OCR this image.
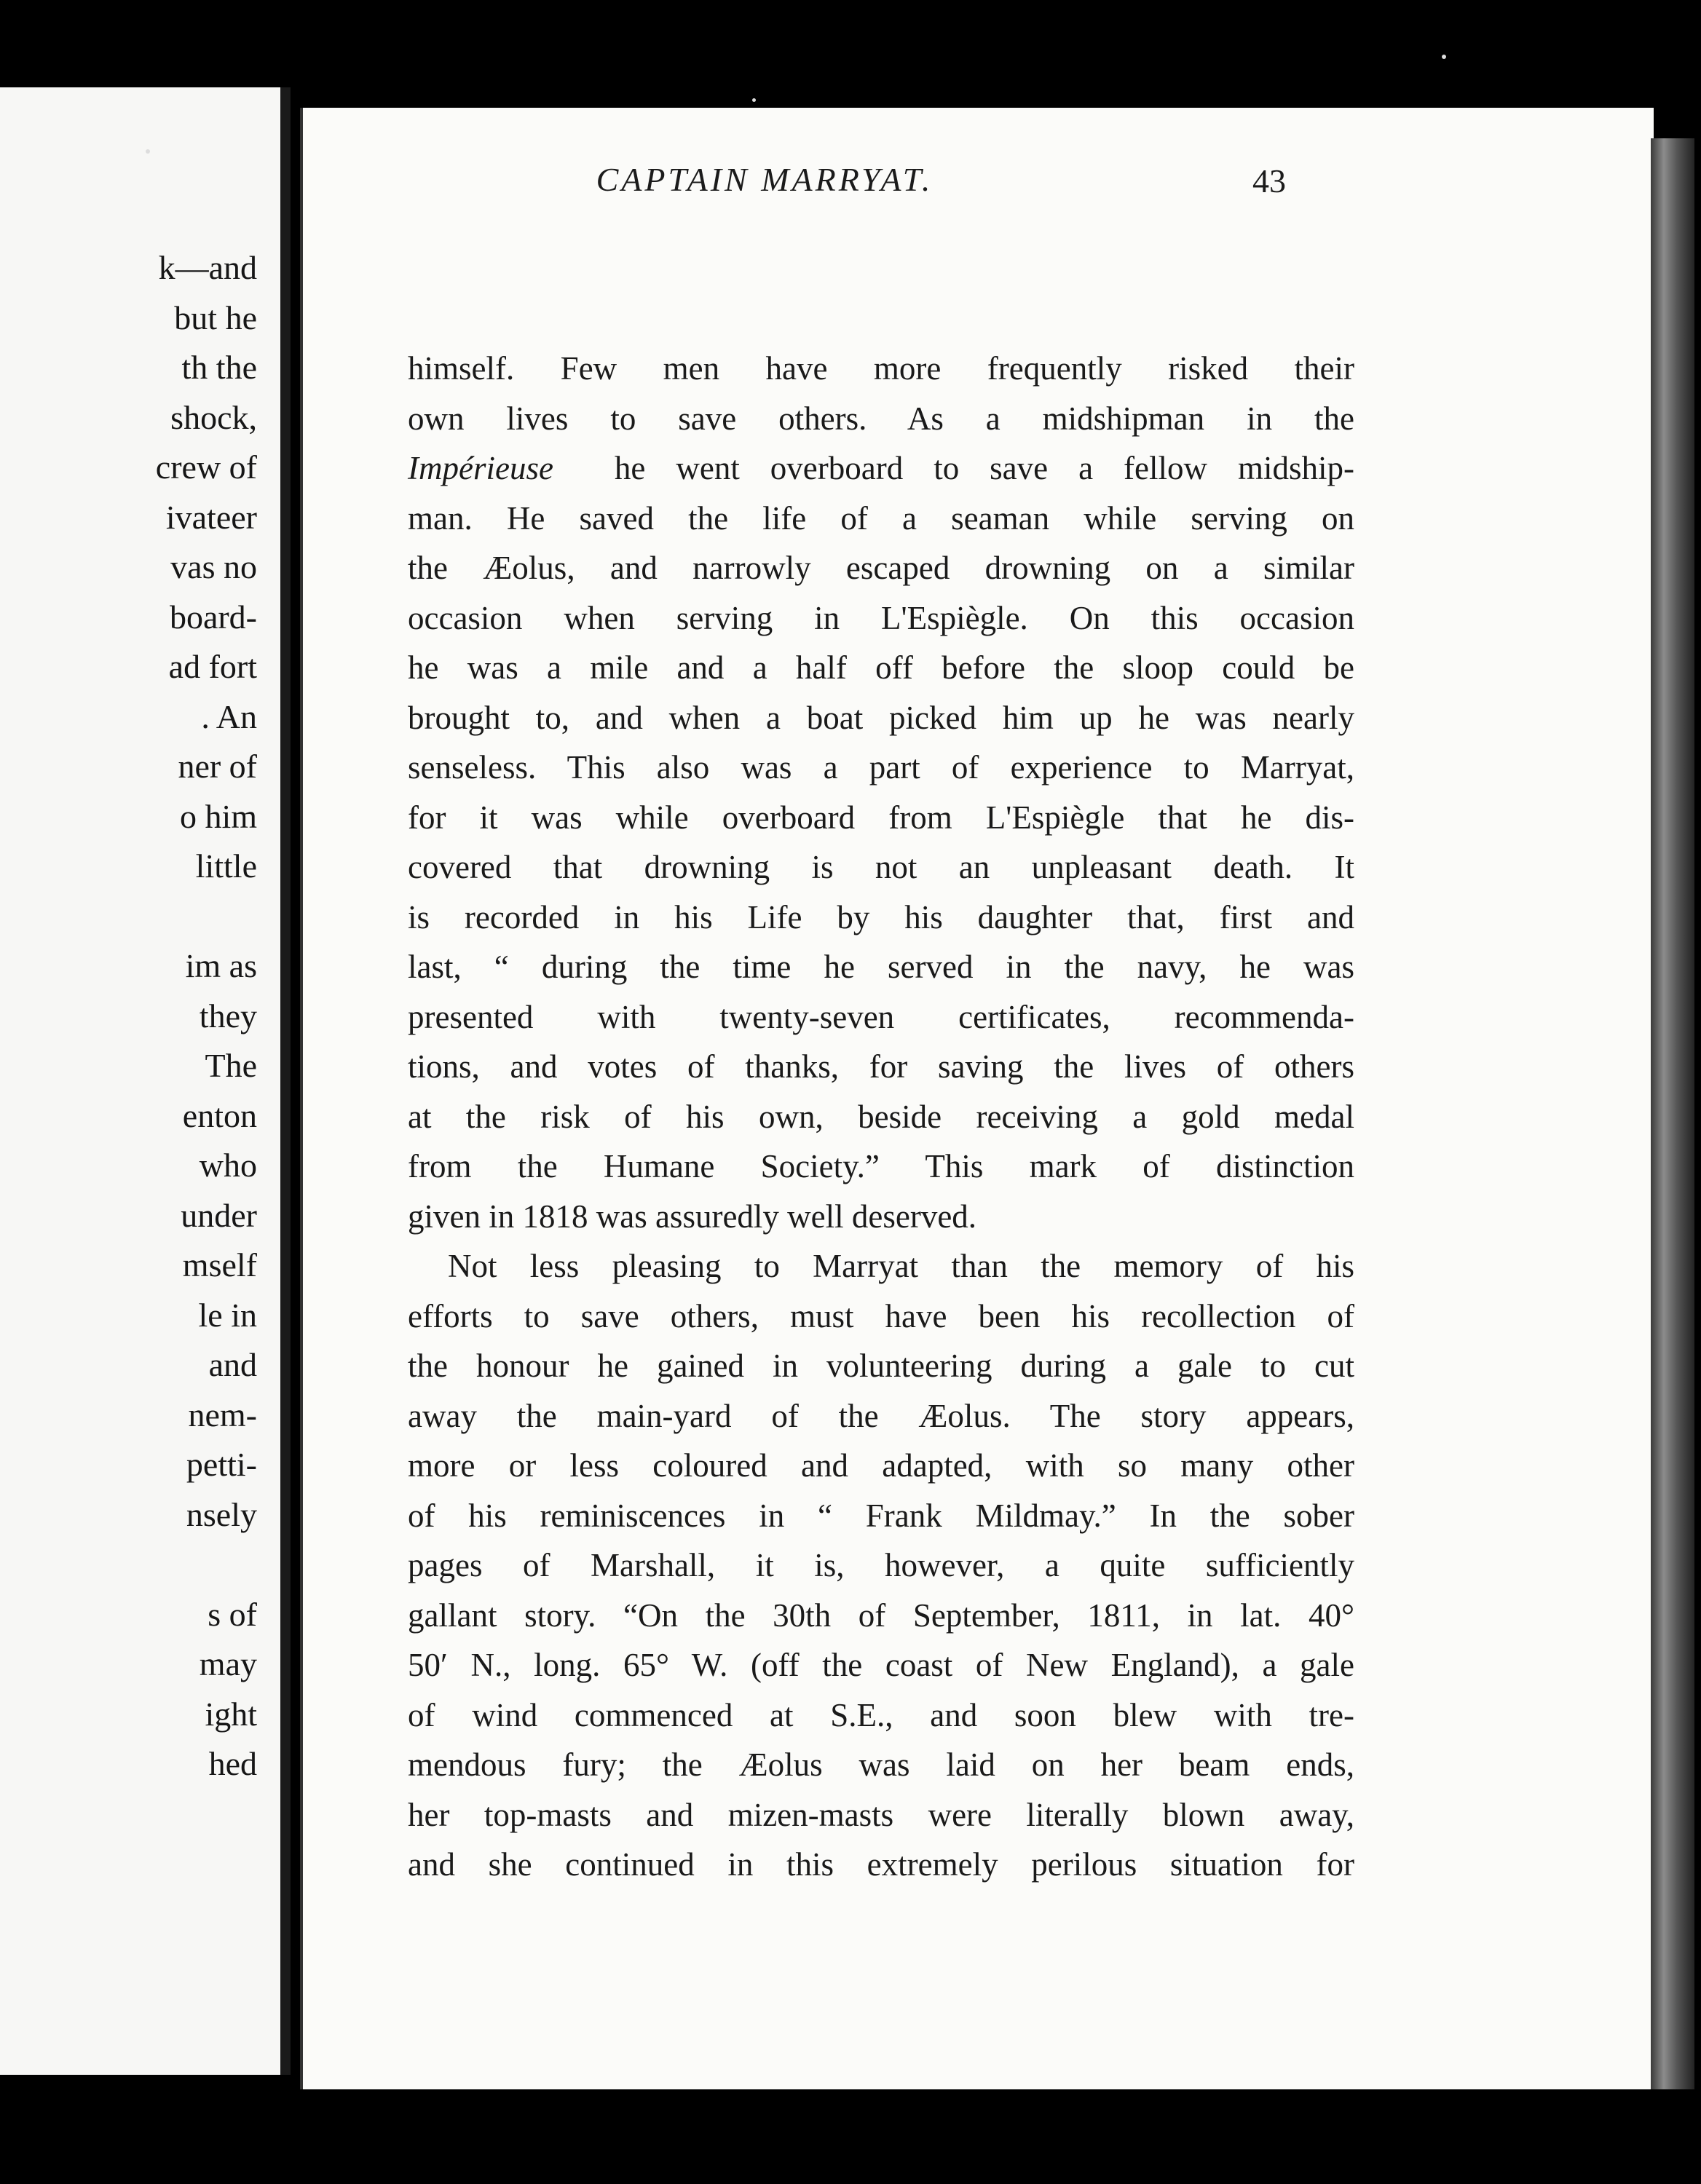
k—and
but he
th the
shock,
crew of
ivateer
vas no
board-
ad fort
. An
ner of
o him
little
im as
they
The
enton
who
under
mself
le in
and
nem-
petti-
nsely
s of
may
ight
hed
CAPTAIN MARRYAT.	43
himself. Few men have more frequently risked their
own lives to save others. As a midshipman in the
Impérieuse  he went overboard to save a fellow midship-
man. He saved the life of a seaman while serving on
the Æolus, and narrowly escaped drowning on a similar
occasion when serving in L'Espiègle. On this occasion
he was a mile and a half off before the sloop could be
brought to, and when a boat picked him up he was nearly
senseless. This also was a part of experience to Marryat,
for it was while overboard from L'Espiègle that he dis-
covered that drowning is not an unpleasant death. It
is recorded in his Life by his daughter that, first and
last, “ during the time he served in the navy, he was
presented with twenty-seven certificates, recommenda-
tions, and votes of thanks, for saving the lives of others
at the risk of his own, beside receiving a gold medal
from the Humane Society.” This mark of distinction
given in 1818 was assuredly well deserved.
Not less pleasing to Marryat than the memory of his
efforts to save others, must have been his recollection of
the honour he gained in volunteering during a gale to cut
away the main-yard of the Æolus. The story appears,
more or less coloured and adapted, with so many other
of his reminiscences in “ Frank Mildmay.” In the sober
pages of Marshall, it is, however, a quite sufficiently
gallant story. “On the 30th of September, 1811, in lat. 40°
50′ N., long. 65° W. (off the coast of New England), a gale
of wind commenced at S.E., and soon blew with tre-
mendous fury; the Æolus was laid on her beam ends,
her top-masts and mizen-masts were literally blown away,
and she continued in this extremely perilous situation for
